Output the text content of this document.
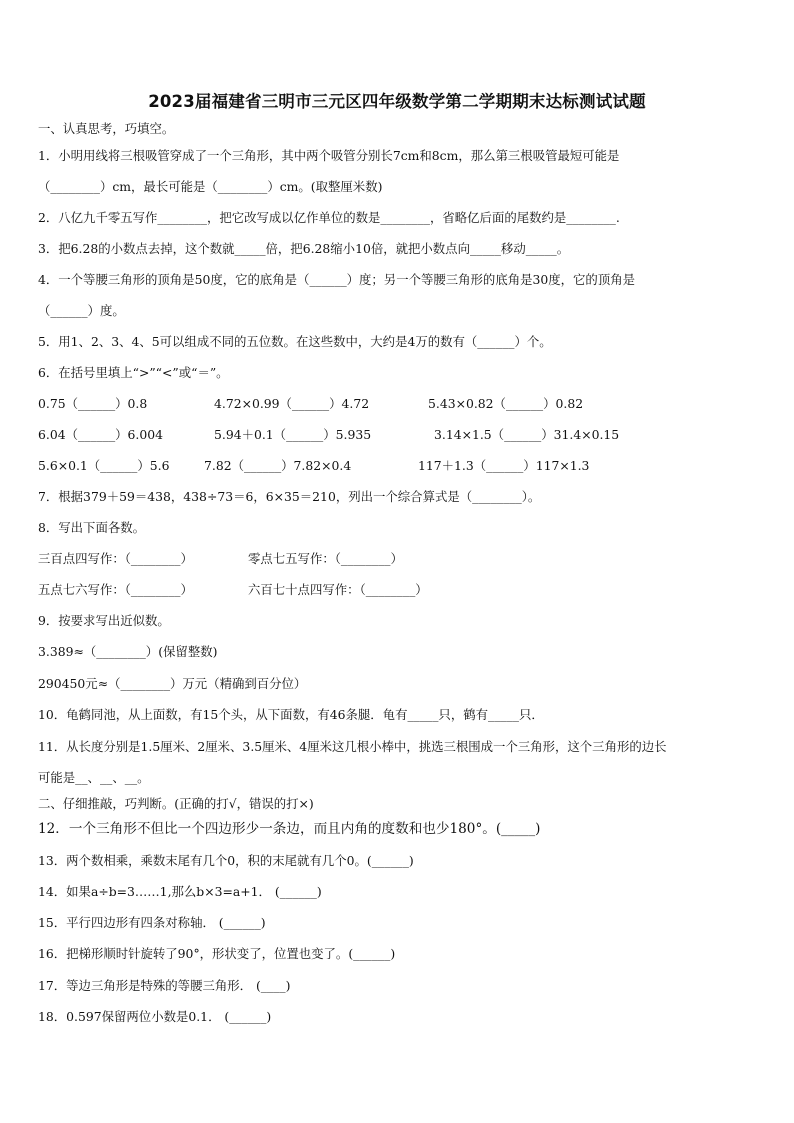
2023届福建省三明市三元区四年级数学第二学期期末达标测试试题
一、认真思考，巧填空。
1．小明用线将三根吸管穿成了一个三角形，其中两个吸管分别长7cm和8cm，那么第三根吸管最短可能是
（________）cm，最长可能是（________）cm。(取整厘米数)
2．八亿九千零五写作________，把它改写成以亿作单位的数是________，省略亿后面的尾数约是________.
3．把6.28的小数点去掉，这个数就_____倍，把6.28缩小10倍，就把小数点向_____移动_____。
4．一个等腰三角形的顶角是50度，它的底角是（______）度；另一个等腰三角形的底角是30度，它的顶角是
（______）度。
5．用1、2、3、4、5可以组成不同的五位数。在这些数中，大约是4万的数有（______）个。
6．在括号里填上“>”“<”或“＝”。
0.75（______）0.8	4.72×0.99（______）4.72	5.43×0.82（______）0.82
6.04（______）6.004	5.94＋0.1（______）5.935	3.14×1.5（______）31.4×0.15
5.6×0.1（______）5.6	7.82（______）7.82×0.4	117＋1.3（______）117×1.3
7．根据379＋59＝438，438÷73＝6，6×35＝210，列出一个综合算式是（________）。
8．写出下面各数。
三百点四写作：（________）	零点七五写作：（________）
五点七六写作：（________）	六百七十点四写作：（________）
9．按要求写出近似数。
3.389≈（________）(保留整数)
290450元≈（________）万元（精确到百分位）
10．龟鹤同池，从上面数，有15个头，从下面数，有46条腿．龟有_____只，鹤有_____只．
11．从长度分别是1.5厘米、2厘米、3.5厘米、4厘米这几根小棒中，挑选三根围成一个三角形，这个三角形的边长
可能是__、__、__。
二、仔细推敲，巧判断。(正确的打√，错误的打×)
12．一个三角形不但比一个四边形少一条边，而且内角的度数和也少180°。(_____)
13．两个数相乘，乘数末尾有几个0，积的末尾就有几个0。(______)
14．如果a÷b=3……1,那么b×3=a+1． (______)
15．平行四边形有四条对称轴． (______)
16．把梯形顺时针旋转了90°，形状变了，位置也变了。(______)
17．等边三角形是特殊的等腰三角形． (____)
18．0.597保留两位小数是0.1． (______)
